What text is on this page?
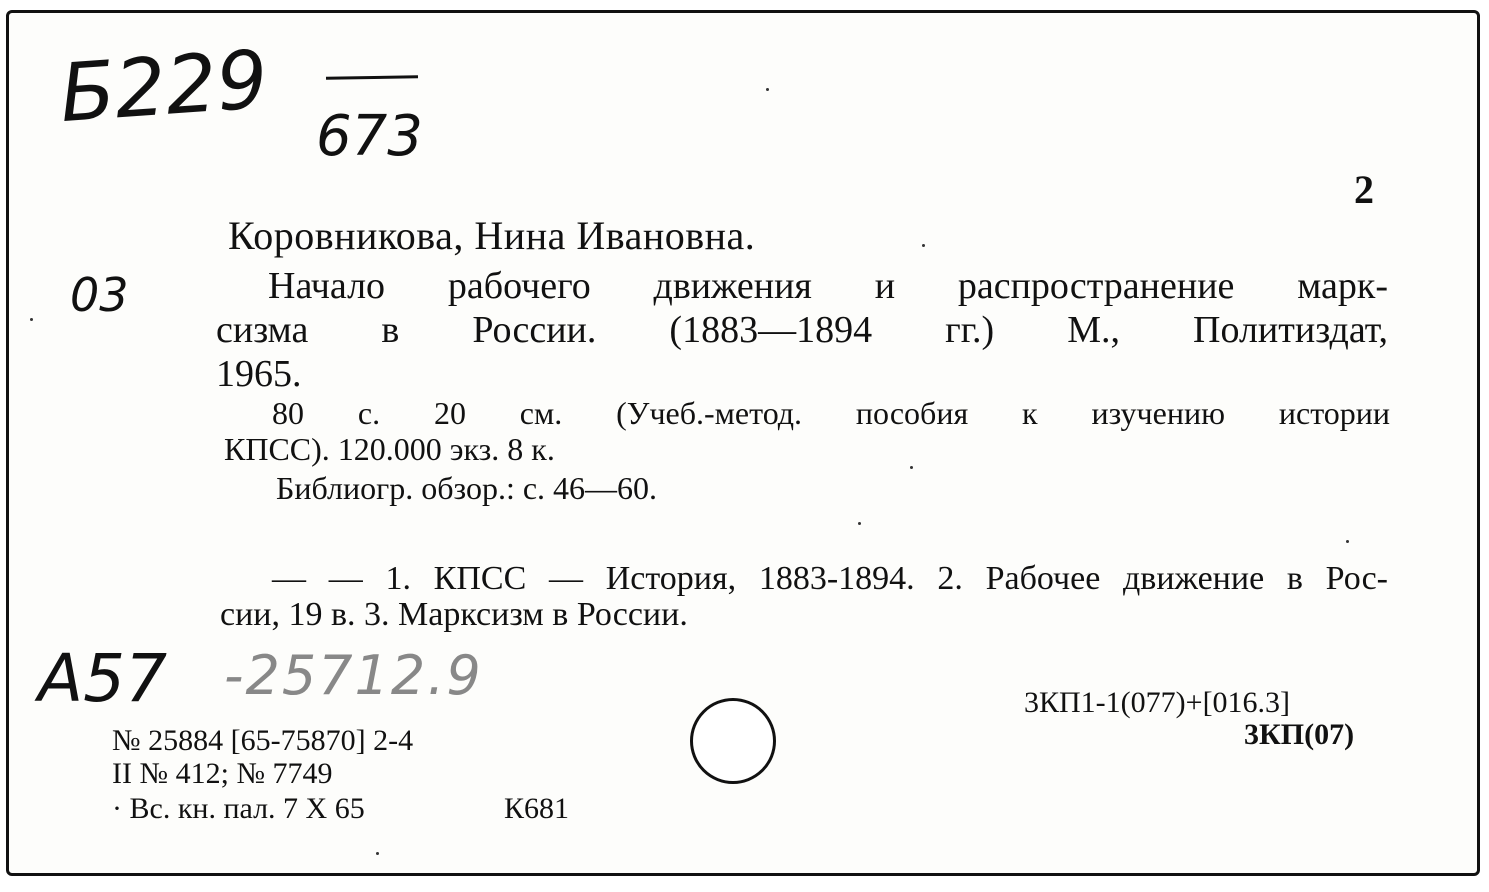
Б229 673
03
2
Коровникова, Нина Ивановна.
Начало рабочего движения и распространение марк-
сизма в России. (1883—1894 гг.) М., Политиздат,
1965.
80 с. 20 см. (Учеб.-метод. пособия к изучению истории
КПСС). 120.000 экз. 8 к.
Библиогр. обзор.: с. 46—60.
— — 1. КПСС — История, 1883-1894. 2. Рабочее движение в Рос-
сии, 19 в. 3. Марксизм в России.
А57 -25712.9
№ 25884 [65-75870] 2-4
II № 412; № 7749
· Вс. кн. пал. 7 X 65	К681
3КП1-1(077)+[016.3]
3КП(07)
